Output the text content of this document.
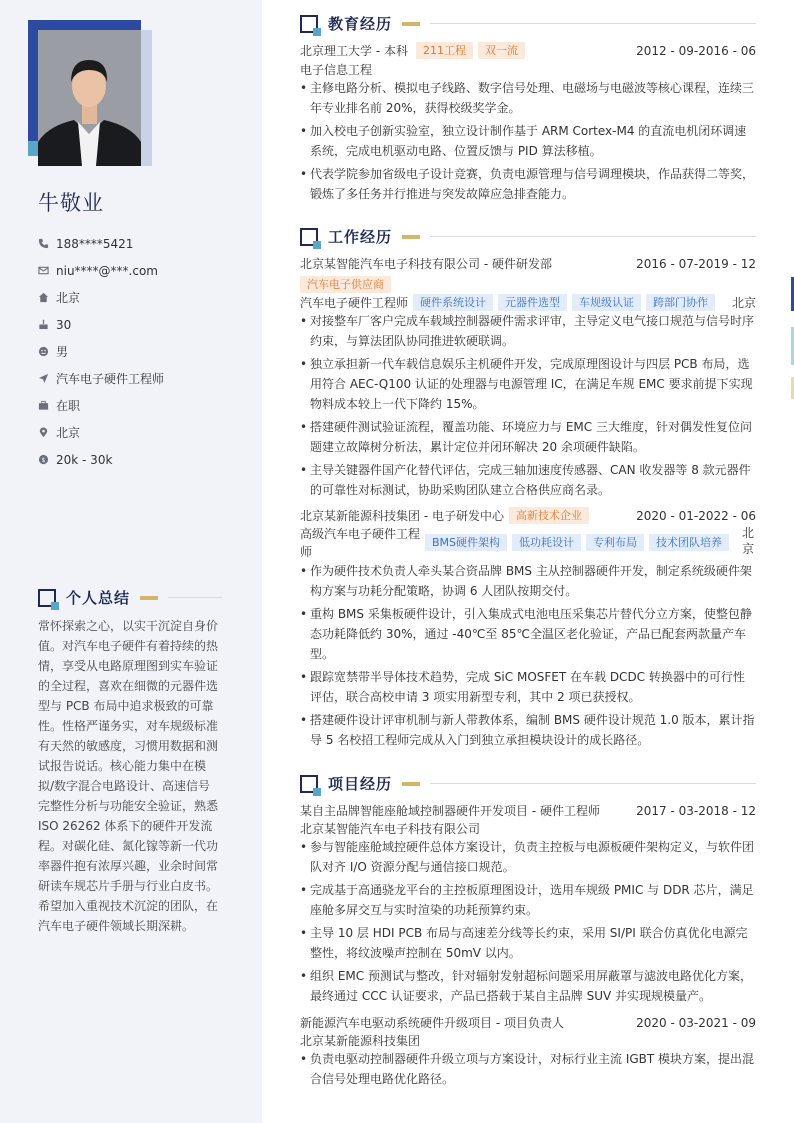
牛敬业
188****5421
niu****@***.com
北京
30
男
汽车电子硬件工程师
在职
北京
$ 20k - 30k
个人总结
常怀探索之心，以实干沉淀自身价值。对汽车电子硬件有着持续的热情，享受从电路原理图到实车验证的全过程，喜欢在细微的元器件选型与 PCB 布局中追求极致的可靠性。性格严谨务实，对车规级标准有天然的敏感度，习惯用数据和测试报告说话。核心能力集中在模拟/数字混合电路设计、高速信号完整性分析与功能安全验证，熟悉 ISO 26262 体系下的硬件开发流程。对碳化硅、氮化镓等新一代功率器件抱有浓厚兴趣，业余时间常研读车规芯片手册与行业白皮书。希望加入重视技术沉淀的团队，在汽车电子硬件领域长期深耕。
教育经历
北京理工大学 - 本科	211工程	双一流	2012 - 09-2016 - 06
电子信息工程
• 主修电路分析、模拟电子线路、数字信号处理、电磁场与电磁波等核心课程，连续三年专业排名前 20%，获得校级奖学金。
• 加入校电子创新实验室，独立设计制作基于 ARM Cortex-M4 的直流电机闭环调速系统，完成电机驱动电路、位置反馈与 PID 算法移植。
• 代表学院参加省级电子设计竞赛，负责电源管理与信号调理模块，作品获得二等奖，锻炼了多任务并行推进与突发故障应急排查能力。
工作经历
北京某智能汽车电子科技有限公司 - 硬件研发部	2016 - 07-2019 - 12
汽车电子供应商
汽车电子硬件工程师	硬件系统设计	元器件选型	车规级认证	跨部门协作	北京
• 对接整车厂客户完成车载域控制器硬件需求评审，主导定义电气接口规范与信号时序约束，与算法团队协同推进软硬联调。
• 独立承担新一代车载信息娱乐主机硬件开发，完成原理图设计与四层 PCB 布局，选用符合 AEC-Q100 认证的处理器与电源管理 IC，在满足车规 EMC 要求前提下实现物料成本较上一代下降约 15%。
• 搭建硬件测试验证流程，覆盖功能、环境应力与 EMC 三大维度，针对偶发性复位问题建立故障树分析法，累计定位并闭环解决 20 余项硬件缺陷。
• 主导关键器件国产化替代评估，完成三轴加速度传感器、CAN 收发器等 8 款元器件的可靠性对标测试，协助采购团队建立合格供应商名录。
北京某新能源科技集团 - 电子研发中心	高新技术企业	2020 - 01-2022 - 06
高级汽车电子硬件工程师
BMS硬件架构	低功耗设计	专利布局	技术团队培养
北京
• 作为硬件技术负责人牵头某合资品牌 BMS 主从控制器硬件开发，制定系统级硬件架构方案与功耗分配策略，协调 6 人团队按期交付。
• 重构 BMS 采集板硬件设计，引入集成式电池电压采集芯片替代分立方案，使整包静态功耗降低约 30%，通过 -40℃至 85℃全温区老化验证，产品已配套两款量产车型。
• 跟踪宽禁带半导体技术趋势，完成 SiC MOSFET 在车载 DCDC 转换器中的可行性评估，联合高校申请 3 项实用新型专利，其中 2 项已获授权。
• 搭建硬件设计评审机制与新人带教体系，编制 BMS 硬件设计规范 1.0 版本，累计指导 5 名校招工程师完成从入门到独立承担模块设计的成长路径。
项目经历
某自主品牌智能座舱域控制器硬件开发项目 - 硬件工程师	2017 - 03-2018 - 12
北京某智能汽车电子科技有限公司
• 参与智能座舱域控硬件总体方案设计，负责主控板与电源板硬件架构定义，与软件团队对齐 I/O 资源分配与通信接口规范。
• 完成基于高通骁龙平台的主控板原理图设计，选用车规级 PMIC 与 DDR 芯片，满足座舱多屏交互与实时渲染的功耗预算约束。
• 主导 10 层 HDI PCB 布局与高速差分线等长约束，采用 SI/PI 联合仿真优化电源完整性，将纹波噪声控制在 50mV 以内。
• 组织 EMC 预测试与整改，针对辐射发射超标问题采用屏蔽罩与滤波电路优化方案，最终通过 CCC 认证要求，产品已搭载于某自主品牌 SUV 并实现规模量产。
新能源汽车电驱动系统硬件升级项目 - 项目负责人	2020 - 03-2021 - 09
北京某新能源科技集团
• 负责电驱动控制器硬件升级立项与方案设计，对标行业主流 IGBT 模块方案，提出混合信号处理电路优化路径。
